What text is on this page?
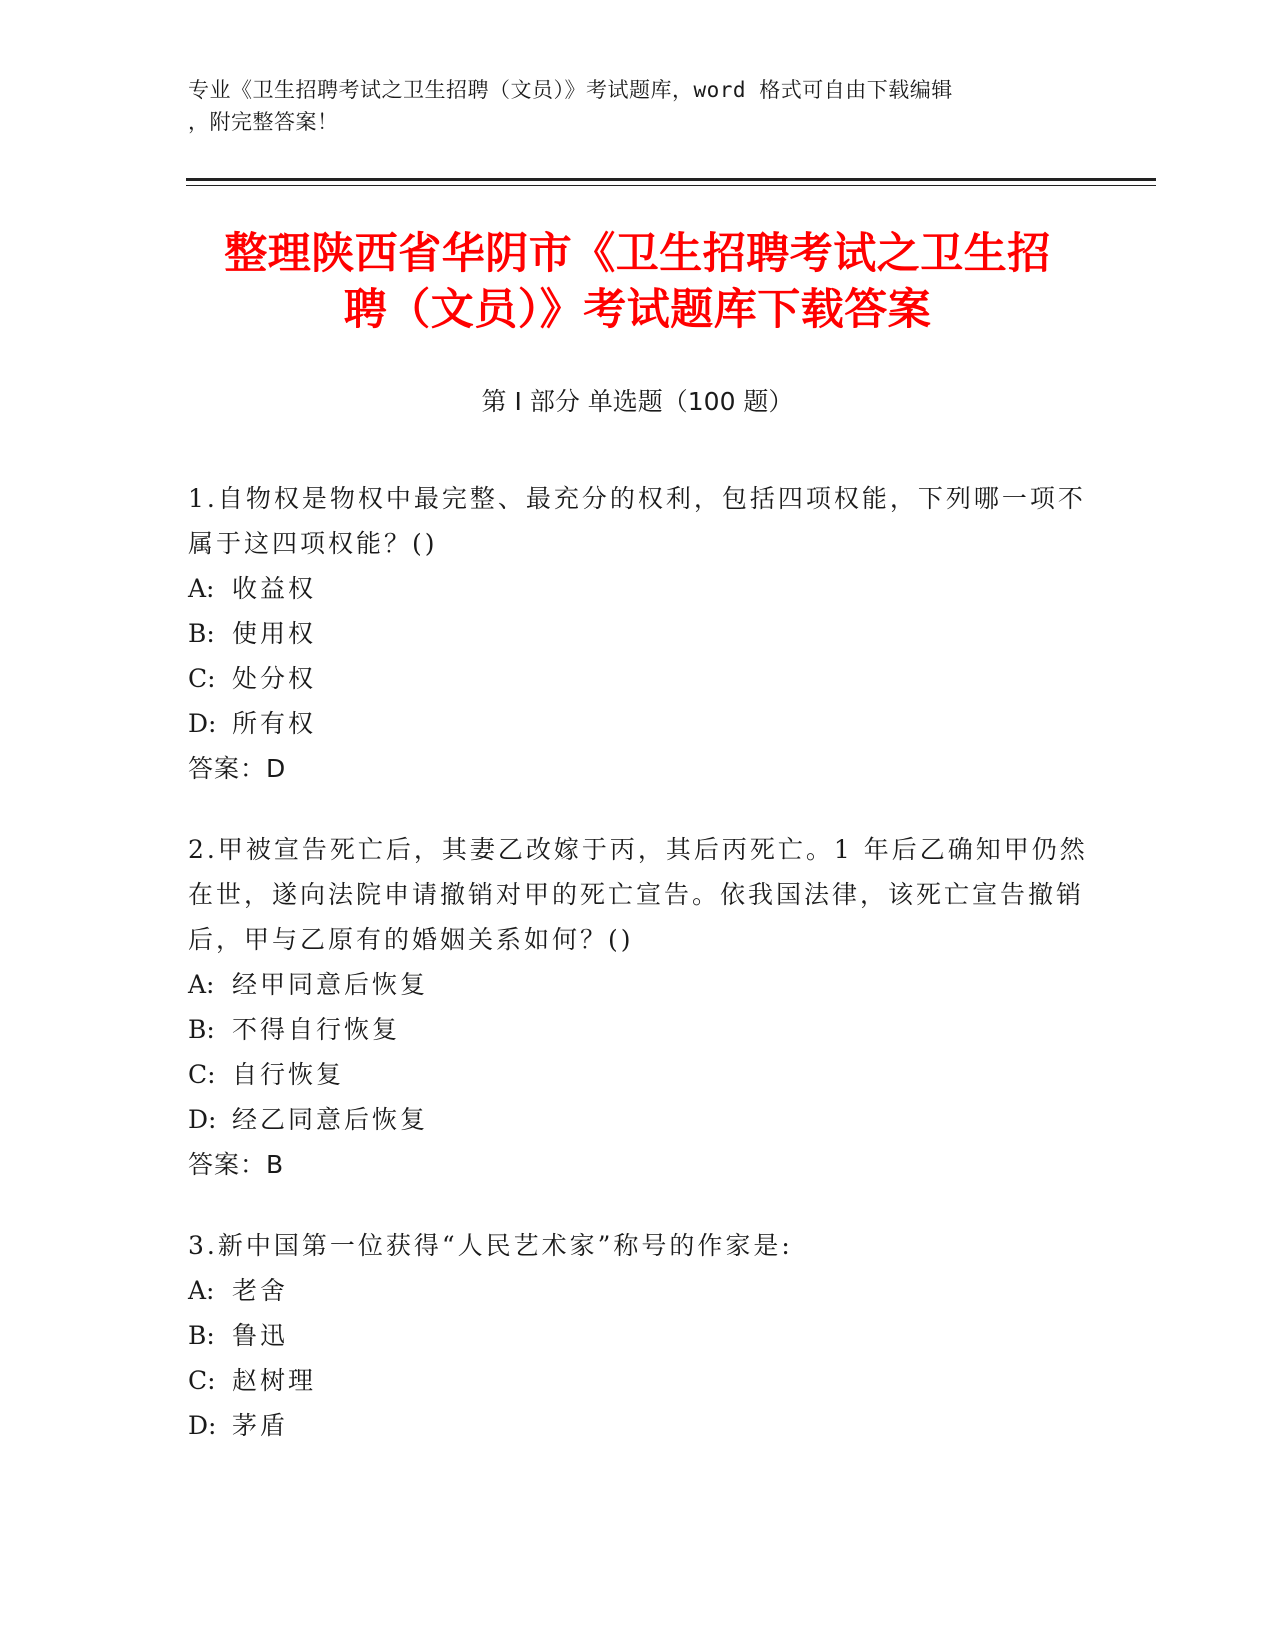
专业《卫生招聘考试之卫生招聘（文员）》考试题库，word 格式可自由下载编辑
，附完整答案！
整理陕西省华阴市《卫生招聘考试之卫生招
聘（文员）》考试题库下载答案
第 I 部分 单选题（100 题）

1.自物权是物权中最完整、最充分的权利，包括四项权能，下列哪一项不属于这四项权能？()

A: 收益权

B: 使用权

C: 处分权

D: 所有权

答案：D

2.甲被宣告死亡后，其妻乙改嫁于丙，其后丙死亡。1 年后乙确知甲仍然在世，遂向法院申请撤销对甲的死亡宣告。依我国法律，该死亡宣告撤销后，甲与乙原有的婚姻关系如何？()

A: 经甲同意后恢复

B: 不得自行恢复

C: 自行恢复

D: 经乙同意后恢复

答案：B

3.新中国第一位获得“人民艺术家”称号的作家是:

A: 老舍

B: 鲁迅

C: 赵树理

D: 茅盾
